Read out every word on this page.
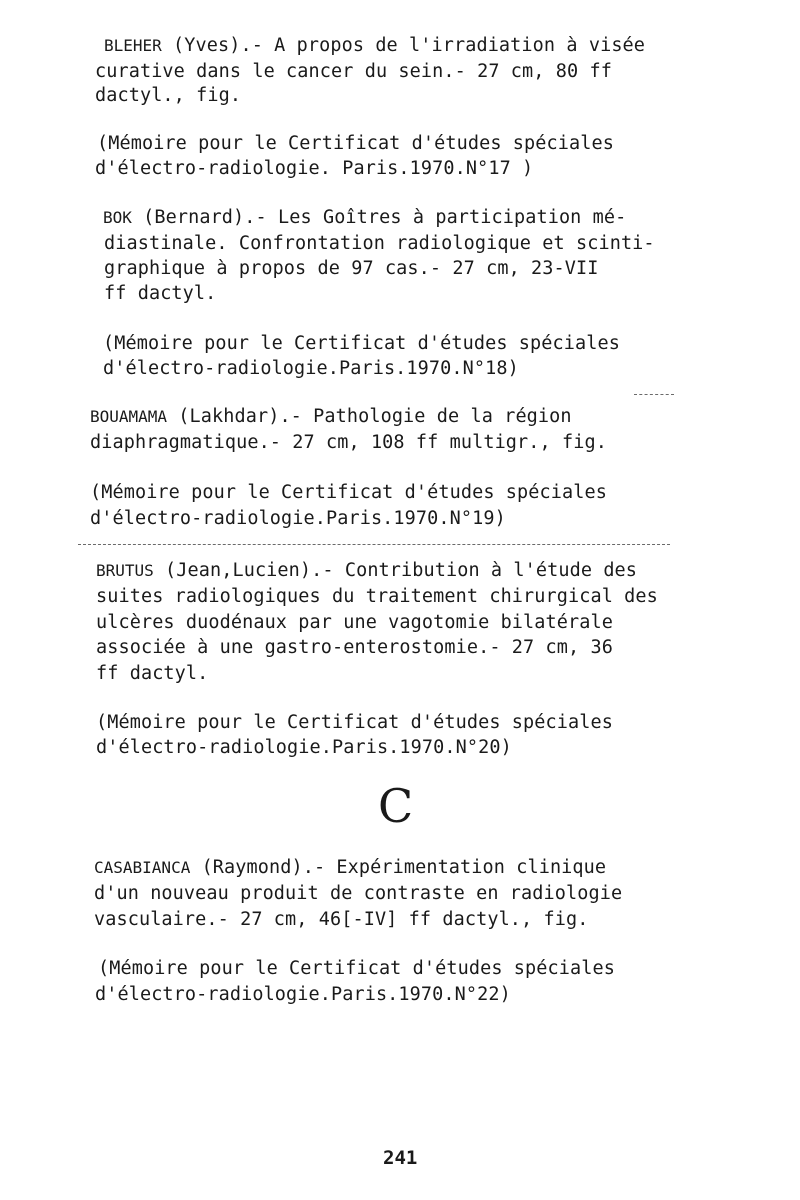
BLEHER (Yves).- A propos de l'irradiation à visée
curative dans le cancer du sein.- 27 cm, 80 ff
dactyl., fig.
(Mémoire pour le Certificat d'études spéciales
d'électro-radiologie. Paris.1970.N°17 )
BOK (Bernard).- Les Goîtres à participation mé-
diastinale. Confrontation radiologique et scinti-
graphique à propos de 97 cas.- 27 cm, 23-VII
ff dactyl.
(Mémoire pour le Certificat d'études spéciales
d'électro-radiologie.Paris.1970.N°18)
BOUAMAMA (Lakhdar).- Pathologie de la région
diaphragmatique.- 27 cm, 108 ff multigr., fig.
(Mémoire pour le Certificat d'études spéciales
d'électro-radiologie.Paris.1970.N°19)
BRUTUS (Jean,Lucien).- Contribution à l'étude des
suites radiologiques du traitement chirurgical des
ulcères duodénaux par une vagotomie bilatérale
associée à une gastro-enterostomie.- 27 cm, 36
ff dactyl.
(Mémoire pour le Certificat d'études spéciales
d'électro-radiologie.Paris.1970.N°20)
C
CASABIANCA (Raymond).- Expérimentation clinique
d'un nouveau produit de contraste en radiologie
vasculaire.- 27 cm, 46[-IV] ff dactyl., fig.
(Mémoire pour le Certificat d'études spéciales
d'électro-radiologie.Paris.1970.N°22)
241
